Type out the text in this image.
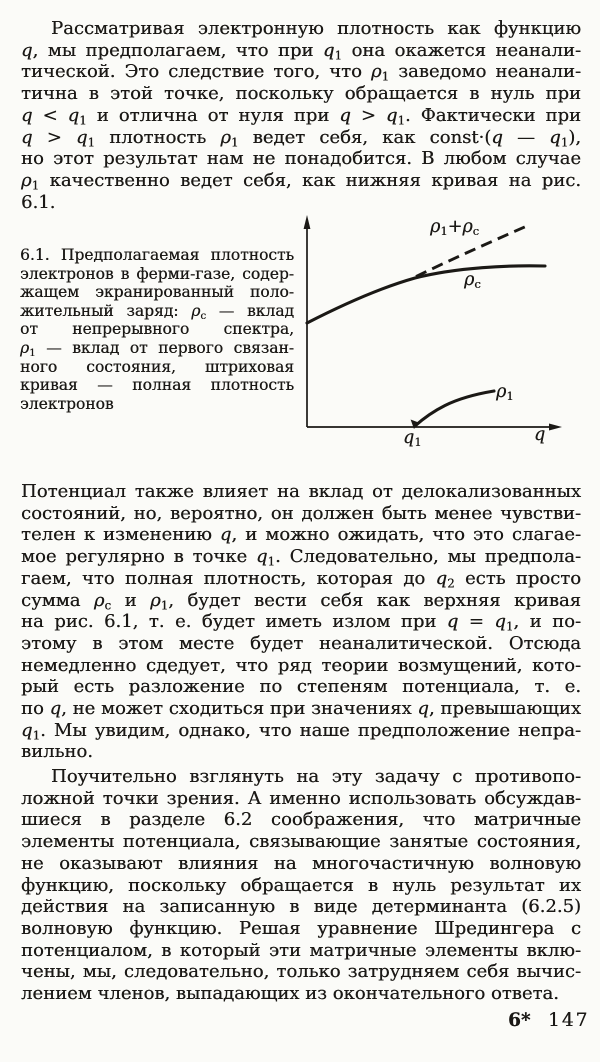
Рассматривая электронную плотность как функцию
q, мы предполагаем, что при $q_1$ она окажется неанали-
тической. Это следствие того, что $\rho_1$ заведомо неанали-
тична в этой точке, поскольку обращается в нуль при
$q < q_1$ и отлична от нуля при $q > q_1$. Фактически при
$q > q_1$ плотность $\rho_1$ ведет себя, как const·(q — $q_1$),
но этот результат нам не понадобится. В любом случае
$\rho_1$ качественно ведет себя, как нижняя кривая на рис. 6.1.
6.1. Предполагаемая плотность
электронов в ферми-газе, содер-
жащем экранированный поло-
жительный заряд: $\rho_c$ — вклад
от непрерывного спектра,
$\rho_1$ — вклад от первого связан-
ного состояния, штриховая
кривая — полная плотность
электронов
$\rho_1+\rho_c$
$\rho_c$
$\rho_1$
$q_1$	q
Потенциал также влияет на вклад от делокализованных
состояний, но, вероятно, он должен быть менее чувстви-
телен к изменению q, и можно ожидать, что это слагае-
мое регулярно в точке $q_1$. Следовательно, мы предпола-
гаем, что полная плотность, которая до $q_2$ есть просто
сумма $\rho_c$ и $\rho_1$, будет вести себя как верхняя кривая
на рис. 6.1, т. е. будет иметь излом при $q = q_1$, и по-
этому в этом месте будет неаналитической. Отсюда
немедленно сдедует, что ряд теории возмущений, кото-
рый есть разложение по степеням потенциала, т. е.
по q, не может сходиться при значениях q, превышающих
$q_1$. Мы увидим, однако, что наше предположение непра-
вильно.
Поучительно взглянуть на эту задачу с противопо-
ложной точки зрения. А именно использовать обсуждав-
шиеся в разделе 6.2 соображения, что матричные
элементы потенциала, связывающие занятые состояния,
не оказывают влияния на многочастичную волновую
функцию, поскольку обращается в нуль результат их
действия на записанную в виде детерминанта (6.2.5)
волновую функцию. Решая уравнение Шредингера с
потенциалом, в который эти матричные элементы вклю-
чены, мы, следовательно, только затрудняем себя вычис-
лением членов, выпадающих из окончательного ответа.
6* 147
